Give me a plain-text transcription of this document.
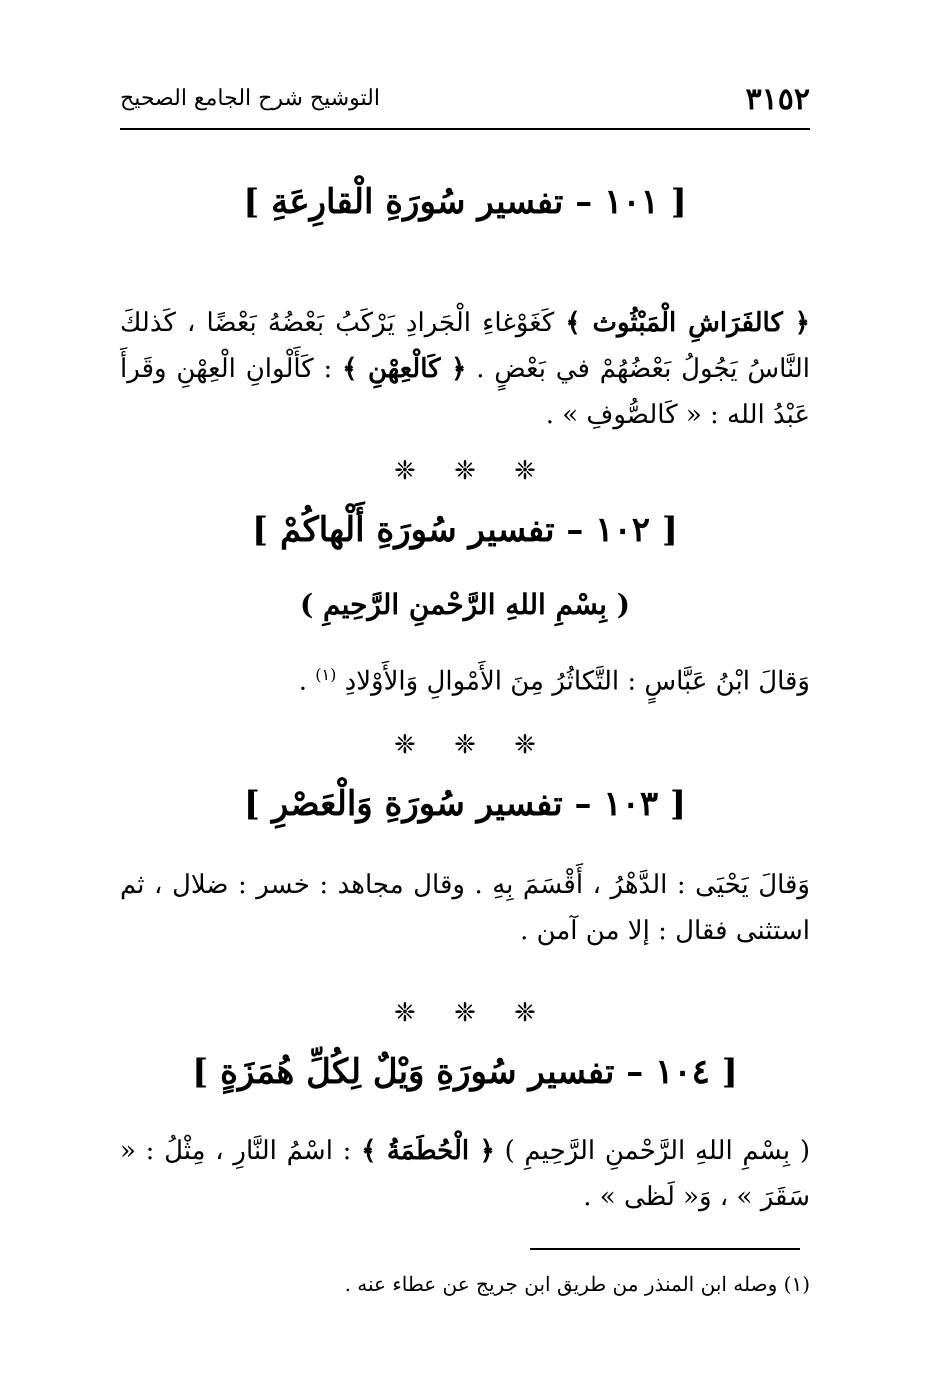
٣١٥٢
التوشيح شرح الجامع الصحيح
[ ١٠١ – تفسير سُورَةِ الْقارِعَةِ ]
﴿ كالفَرَاشِ الْمَبْثُوث ﴾ كَغَوْغاءِ الْجَرادِ يَرْكَبُ بَعْضُهُ بَعْضًا ، كَذلكَ النَّاسُ يَجُولُ بَعْضُهُمْ في بَعْضٍ . ﴿ كَالْعِهْنِ ﴾ : كَأَلْوانِ الْعِهْنِ وقَرأَ عَبْدُ الله : « كَالصُّوفِ » .
❈ ❈ ❈
[ ١٠٢ – تفسير سُورَةِ أَلْهاكُمْ ]
( بِسْمِ اللهِ الرَّحْمنِ الرَّحِيمِ )
وَقالَ ابْنُ عَبَّاسٍ : التَّكاثُرُ مِنَ الأَمْوالِ وَالأَوْلادِ $^{(١)}$ .
❈ ❈ ❈
[ ١٠٣ – تفسير سُورَةِ وَالْعَصْرِ ]
وَقالَ يَحْيَى : الدَّهْرُ ، أَقْسَمَ بِهِ . وقال مجاهد : خسر : ضلال ، ثم استثنى فقال : إلا من آمن .
❈ ❈ ❈
[ ١٠٤ – تفسير سُورَةِ وَيْلٌ لِكُلِّ هُمَزَةٍ ]
( بِسْمِ اللهِ الرَّحْمنِ الرَّحِيمِ ) ﴿ الْحُطَمَةُ ﴾ : اسْمُ النَّارِ ، مِثْلُ : « سَقَرَ » ، وَ« لَظى » .
(١) وصله ابن المنذر من طريق ابن جريج عن عطاء عنه .
